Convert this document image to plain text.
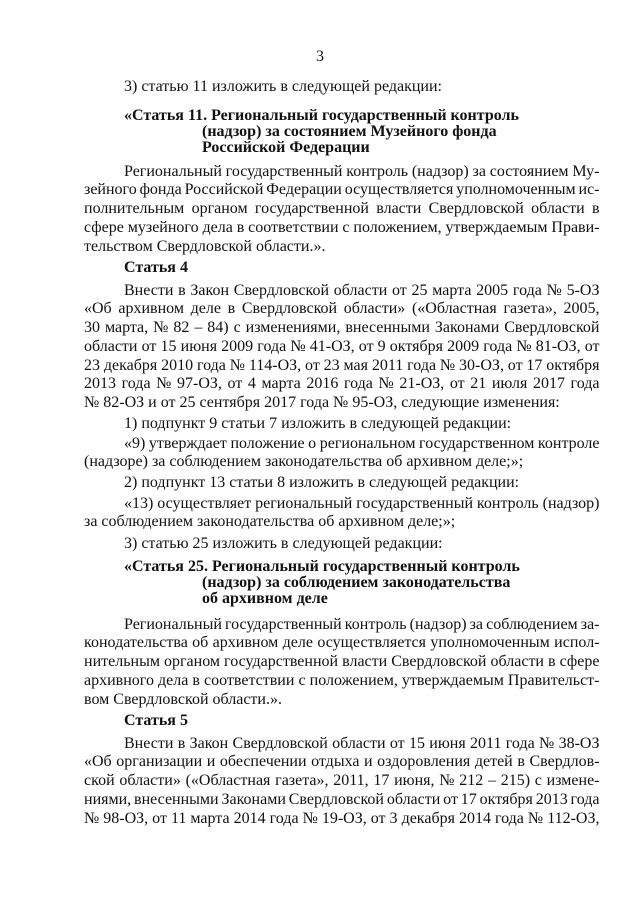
3
3) статью 11 изложить в следующей редакции:
«Статья 11. Региональный государственный контроль
(надзор) за состоянием Музейного фонда
Российской Федерации
Региональный государственный контроль (надзор) за состоянием Му-
зейного фонда Российской Федерации осуществляется уполномоченным ис-
полнительным органом государственной власти Свердловской области в
сфере музейного дела в соответствии с положением, утверждаемым Прави-
тельством Свердловской области.».
Статья 4
Внести в Закон Свердловской области от 25 марта 2005 года № 5-ОЗ
«Об архивном деле в Свердловской области» («Областная газета», 2005,
30 марта, № 82 – 84) с изменениями, внесенными Законами Свердловской
области от 15 июня 2009 года № 41-ОЗ, от 9 октября 2009 года № 81-ОЗ, от
23 декабря 2010 года № 114-ОЗ, от 23 мая 2011 года № 30-ОЗ, от 17 октября
2013 года № 97-ОЗ, от 4 марта 2016 года № 21-ОЗ, от 21 июля 2017 года
№ 82-ОЗ и от 25 сентября 2017 года № 95-ОЗ, следующие изменения:
1) подпункт 9 статьи 7 изложить в следующей редакции:
«9) утверждает положение о региональном государственном контроле
(надзоре) за соблюдением законодательства об архивном деле;»;
2) подпункт 13 статьи 8 изложить в следующей редакции:
«13) осуществляет региональный государственный контроль (надзор)
за соблюдением законодательства об архивном деле;»;
3) статью 25 изложить в следующей редакции:
«Статья 25. Региональный государственный контроль
(надзор) за соблюдением законодательства
об архивном деле
Региональный государственный контроль (надзор) за соблюдением за-
конодательства об архивном деле осуществляется уполномоченным испол-
нительным органом государственной власти Свердловской области в сфере
архивного дела в соответствии с положением, утверждаемым Правительст-
вом Свердловской области.».
Статья 5
Внести в Закон Свердловской области от 15 июня 2011 года № 38-ОЗ
«Об организации и обеспечении отдыха и оздоровления детей в Свердлов-
ской области» («Областная газета», 2011, 17 июня, № 212 – 215) с измене-
ниями, внесенными Законами Свердловской области от 17 октября 2013 года
№ 98-ОЗ, от 11 марта 2014 года № 19-ОЗ, от 3 декабря 2014 года № 112-ОЗ,
